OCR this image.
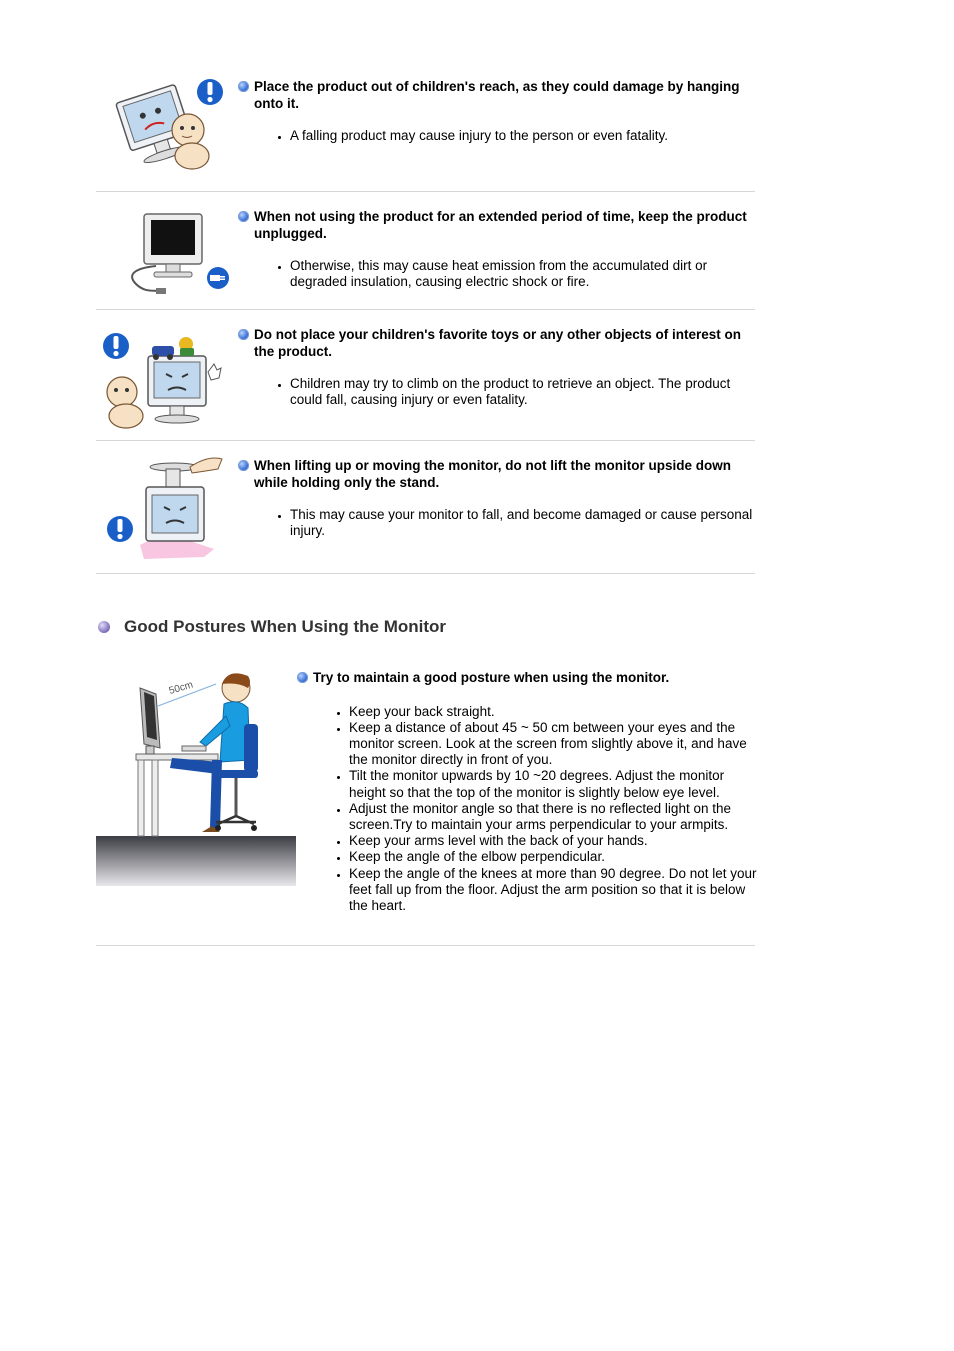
Place the product out of children's reach, as they could damage by hanging onto it.
• A falling product may cause injury to the person or even fatality.
When not using the product for an extended period of time, keep the product unplugged.
• Otherwise, this may cause heat emission from the accumulated dirt or degraded insulation, causing electric shock or fire.
Do not place your children's favorite toys or any other objects of interest on the product.
• Children may try to climb on the product to retrieve an object. The product could fall, causing injury or even fatality.
When lifting up or moving the monitor, do not lift the monitor upside down while holding only the stand.
• This may cause your monitor to fall, and become damaged or cause personal injury.
Good Postures When Using the Monitor
50cm
Try to maintain a good posture when using the monitor.
• Keep your back straight.
• Keep a distance of about 45 ~ 50 cm between your eyes and the monitor screen. Look at the screen from slightly above it, and have the monitor directly in front of you.
• Tilt the monitor upwards by 10 ~20 degrees. Adjust the monitor height so that the top of the monitor is slightly below eye level.
• Adjust the monitor angle so that there is no reflected light on the screen.Try to maintain your arms perpendicular to your armpits.
• Keep your arms level with the back of your hands.
• Keep the angle of the elbow perpendicular.
• Keep the angle of the knees at more than 90 degree. Do not let your feet fall up from the floor. Adjust the arm position so that it is below the heart.
